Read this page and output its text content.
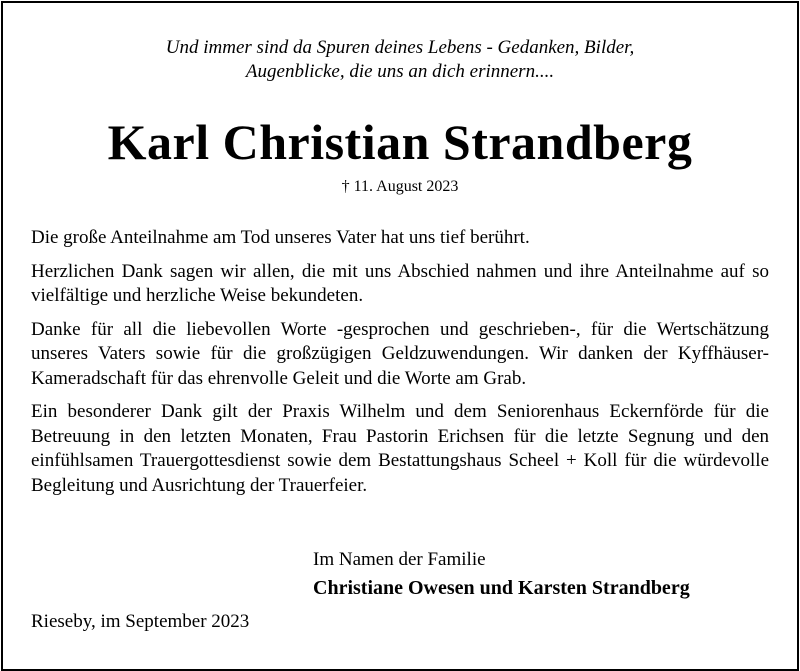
Und immer sind da Spuren deines Lebens - Gedanken, Bilder,
Augenblicke, die uns an dich erinnern....
Karl Christian Strandberg
† 11. August 2023

Die große Anteilnahme am Tod unseres Vater hat uns tief berührt.

Herzlichen Dank sagen wir allen, die mit uns Abschied nahmen und ihre Anteilnahme auf so vielfältige und herzliche Weise bekundeten.

Danke für all die liebevollen Worte -gesprochen und geschrieben-, für die Wertschätzung unseres Vaters sowie für die großzügigen Geldzuwendungen. Wir danken der Kyffhäuser-Kameradschaft für das ehrenvolle Geleit und die Worte am Grab.

Ein besonderer Dank gilt der Praxis Wilhelm und dem Seniorenhaus Eckernförde für die Betreuung in den letzten Monaten, Frau Pastorin Erichsen für die letzte Segnung und den einfühlsamen Trauergottesdienst sowie dem Bestattungshaus Scheel + Koll für die würdevolle Begleitung und Ausrichtung der Trauerfeier.

Im Namen der Familie
Christiane Owesen und Karsten Strandberg
Rieseby, im September 2023
